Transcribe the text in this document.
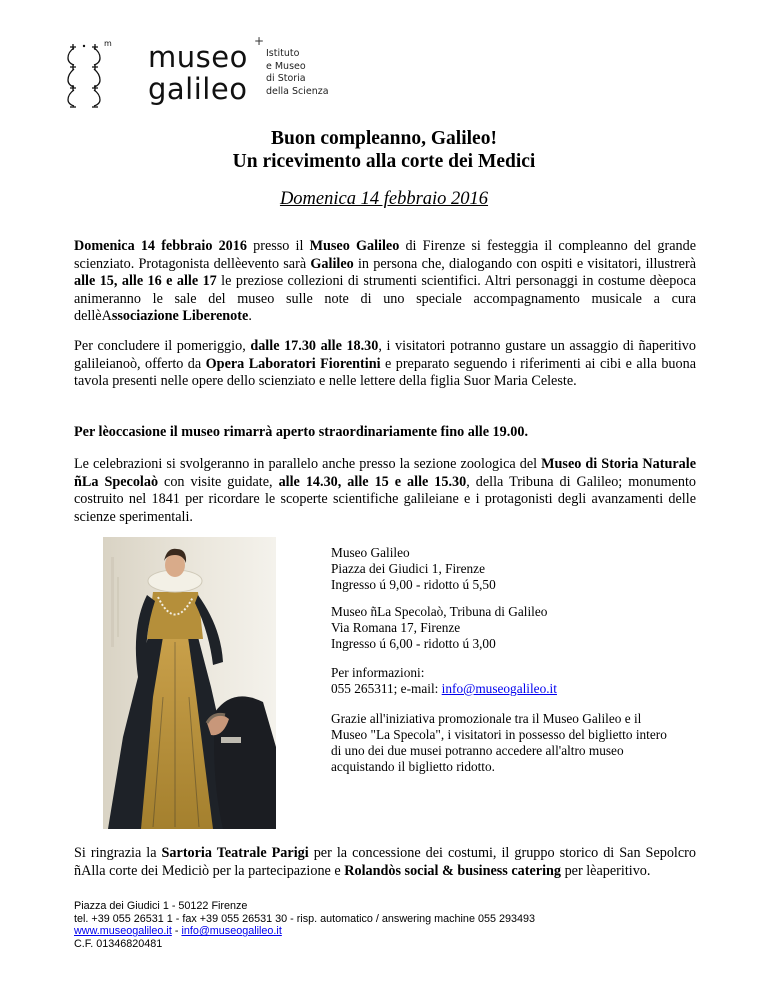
m museo
galileo
+
Istituto
e Museo
di Storia
della Scienza
Buon compleanno, Galileo!
Un ricevimento alla corte dei Medici
Domenica 14 febbraio 2016
Domenica 14 febbraio 2016 presso il Museo Galileo di Firenze si festeggia il compleanno del grande scienziato. Protagonista dellèevento sarà Galileo in persona che, dialogando con ospiti e visitatori, illustrerà alle 15, alle 16 e alle 17 le preziose collezioni di strumenti scientifici. Altri personaggi in costume dèepoca animeranno le sale del museo sulle note di uno speciale accompagnamento musicale a cura dellèAssociazione Liberenote.
Per concludere il pomeriggio, dalle 17.30 alle 18.30, i visitatori potranno gustare un assaggio di ñaperitivo galileianoò, offerto da Opera Laboratori Fiorentini e preparato seguendo i riferimenti ai cibi e alla buona tavola presenti nelle opere dello scienziato e nelle lettere della figlia Suor Maria Celeste.
Per lèoccasione il museo rimarrà aperto straordinariamente fino alle 19.00.
Le celebrazioni si svolgeranno in parallelo anche presso la sezione zoologica del Museo di Storia Naturale ñLa Specolaò con visite guidate, alle 14.30, alle 15 e alle 15.30, della Tribuna di Galileo; monumento costruito nel 1841 per ricordare le scoperte scientifiche galileiane e i protagonisti degli avanzamenti delle scienze sperimentali.
Museo Galileo
Piazza dei Giudici 1, Firenze
Ingresso ú 9,00 - ridotto ú 5,50
Museo ñLa Specolaò, Tribuna di Galileo
Via Romana 17, Firenze
Ingresso ú 6,00 - ridotto ú 3,00
Per informazioni:
055 265311; e-mail: info@museogalileo.it
Grazie all'iniziativa promozionale tra il Museo Galileo e il Museo "La Specola", i visitatori in possesso del biglietto intero di uno dei due musei potranno accedere all'altro museo acquistando il biglietto ridotto.
Si ringrazia la Sartoria Teatrale Parigi per la concessione dei costumi, il gruppo storico di San Sepolcro ñAlla corte dei Mediciò per la partecipazione e Rolandòs social & business catering per lèaperitivo.
Piazza dei Giudici 1 - 50122 Firenze
tel. +39 055 26531 1 - fax +39 055 26531 30 - risp. automatico / answering machine 055 293493
www.museogalileo.it - info@museogalileo.it
C.F. 01346820481
